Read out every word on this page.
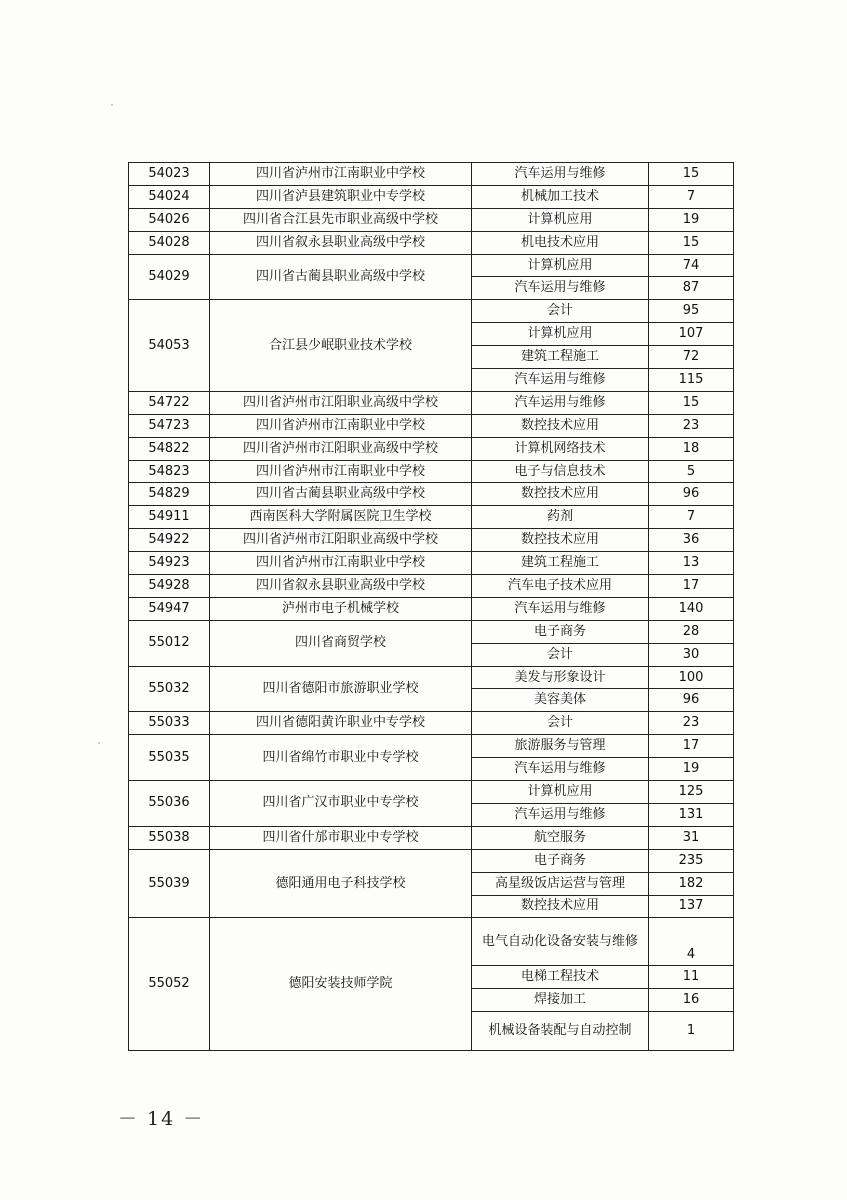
54023	四川省泸州市江南职业中学校	汽车运用与维修	15
54024	四川省泸县建筑职业中专学校	机械加工技术	7
54026	四川省合江县先市职业高级中学校	计算机应用	19
54028	四川省叙永县职业高级中学校	机电技术应用	15
54029	四川省古蔺县职业高级中学校	计算机应用	74
		汽车运用与维修	87
54053	合江县少岷职业技术学校	会计	95
		计算机应用	107
		建筑工程施工	72
		汽车运用与维修	115
54722	四川省泸州市江阳职业高级中学校	汽车运用与维修	15
54723	四川省泸州市江南职业中学校	数控技术应用	23
54822	四川省泸州市江阳职业高级中学校	计算机网络技术	18
54823	四川省泸州市江南职业中学校	电子与信息技术	5
54829	四川省古蔺县职业高级中学校	数控技术应用	96
54911	西南医科大学附属医院卫生学校	药剂	7
54922	四川省泸州市江阳职业高级中学校	数控技术应用	36
54923	四川省泸州市江南职业中学校	建筑工程施工	13
54928	四川省叙永县职业高级中学校	汽车电子技术应用	17
54947	泸州市电子机械学校	汽车运用与维修	140
55012	四川省商贸学校	电子商务	28
		会计	30
55032	四川省德阳市旅游职业学校	美发与形象设计	100
		美容美体	96
55033	四川省德阳黄许职业中专学校	会计	23
55035	四川省绵竹市职业中专学校	旅游服务与管理	17
		汽车运用与维修	19
55036	四川省广汉市职业中专学校	计算机应用	125
		汽车运用与维修	131
55038	四川省什邡市职业中专学校	航空服务	31
55039	德阳通用电子科技学校	电子商务	235
		高星级饭店运营与管理	182
		数控技术应用	137
55052	德阳安装技师学院	电气自动化设备安装与维修	4
		电梯工程技术	11
		焊接加工	16
		机械设备装配与自动控制	1
－ 14 －
